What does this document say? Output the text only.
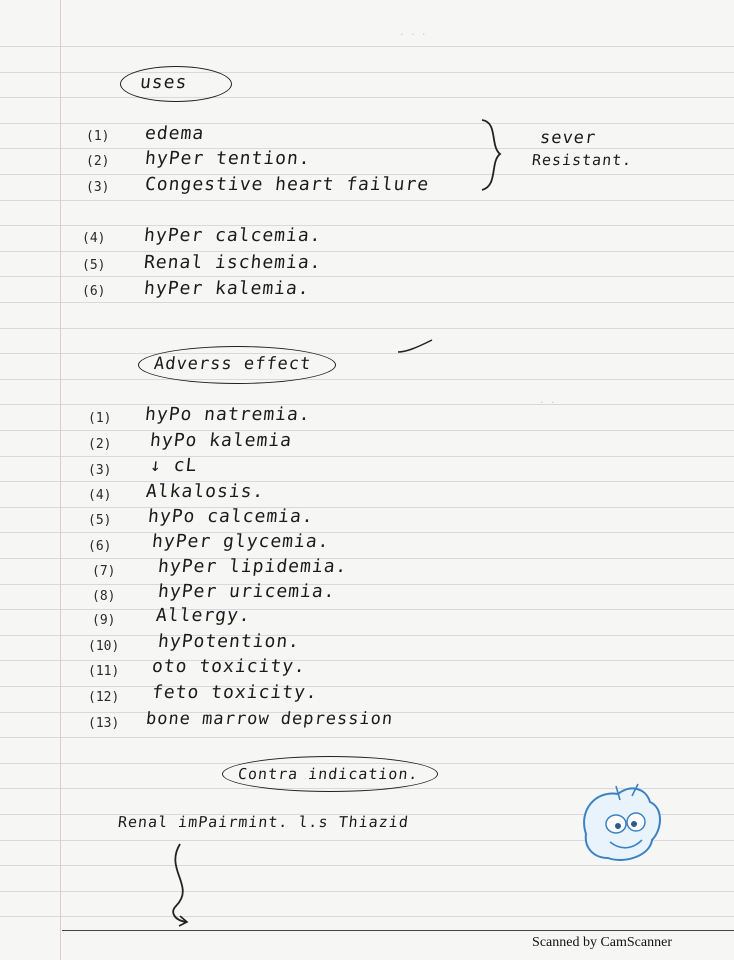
· · ·
· ·
uses
(1) edema
(2) hyPer tention.
(3) Congestive heart failure
sever
Resistant.
(4) hyPer calcemia.
(5) Renal ischemia.
(6) hyPer kalemia.
Adverss effect
(1) hyPo natremia.
(2) hyPo kalemia
(3) ↓ cL
(4) Alkalosis.
(5) hyPo calcemia.
(6) hyPer glycemia.
(7) hyPer lipidemia.
(8) hyPer uricemia.
(9) Allergy.
(10) hyPotention.
(11) oto toxicity.
(12) feto toxicity.
(13) bone marrow depression
Contra indication.
Renal imPairmint. l.s Thiazid
Scanned by CamScanner
